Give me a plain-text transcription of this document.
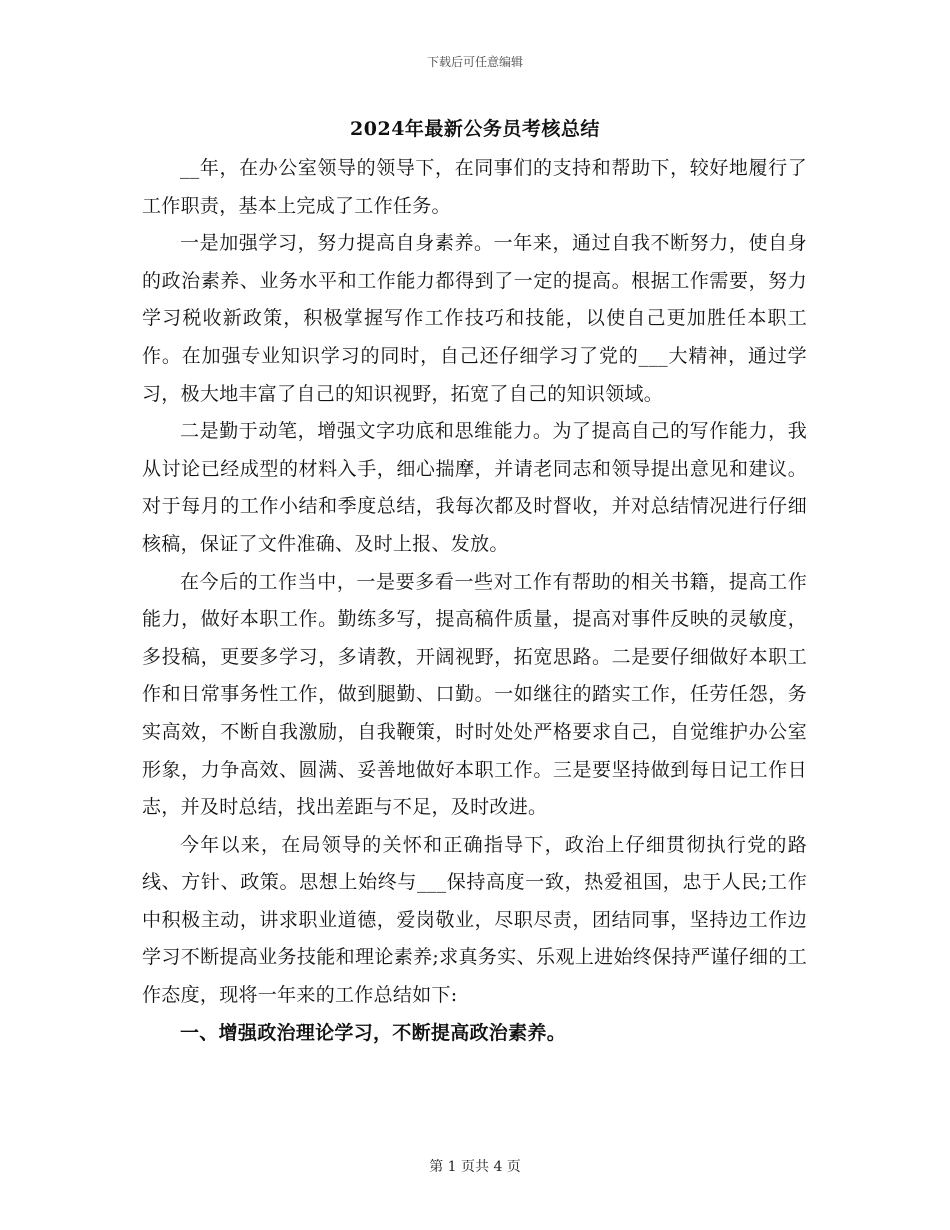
下载后可任意编辑
2024年最新公务员考核总结

__年，在办公室领导的领导下，在同事们的支持和帮助下，较好地履行了工作职责，基本上完成了工作任务。

一是加强学习，努力提高自身素养。一年来，通过自我不断努力，使自身的政治素养、业务水平和工作能力都得到了一定的提高。根据工作需要，努力学习税收新政策，积极掌握写作工作技巧和技能，以使自己更加胜任本职工作。在加强专业知识学习的同时，自己还仔细学习了党的___大精神，通过学习，极大地丰富了自己的知识视野，拓宽了自己的知识领域。

二是勤于动笔，增强文字功底和思维能力。为了提高自己的写作能力，我从讨论已经成型的材料入手，细心揣摩，并请老同志和领导提出意见和建议。对于每月的工作小结和季度总结，我每次都及时督收，并对总结情况进行仔细核稿，保证了文件准确、及时上报、发放。

在今后的工作当中，一是要多看一些对工作有帮助的相关书籍，提高工作能力，做好本职工作。勤练多写，提高稿件质量，提高对事件反映的灵敏度，多投稿，更要多学习，多请教，开阔视野，拓宽思路。二是要仔细做好本职工作和日常事务性工作，做到腿勤、口勤。一如继往的踏实工作，任劳任怨，务实高效，不断自我激励，自我鞭策，时时处处严格要求自己，自觉维护办公室形象，力争高效、圆满、妥善地做好本职工作。三是要坚持做到每日记工作日志，并及时总结，找出差距与不足，及时改进。

今年以来，在局领导的关怀和正确指导下，政治上仔细贯彻执行党的路线、方针、政策。思想上始终与___保持高度一致，热爱祖国，忠于人民;工作中积极主动，讲求职业道德，爱岗敬业，尽职尽责，团结同事，坚持边工作边学习不断提高业务技能和理论素养;求真务实、乐观上进始终保持严谨仔细的工作态度，现将一年来的工作总结如下:

一、增强政治理论学习，不断提高政治素养。

第 1 页共 4 页
